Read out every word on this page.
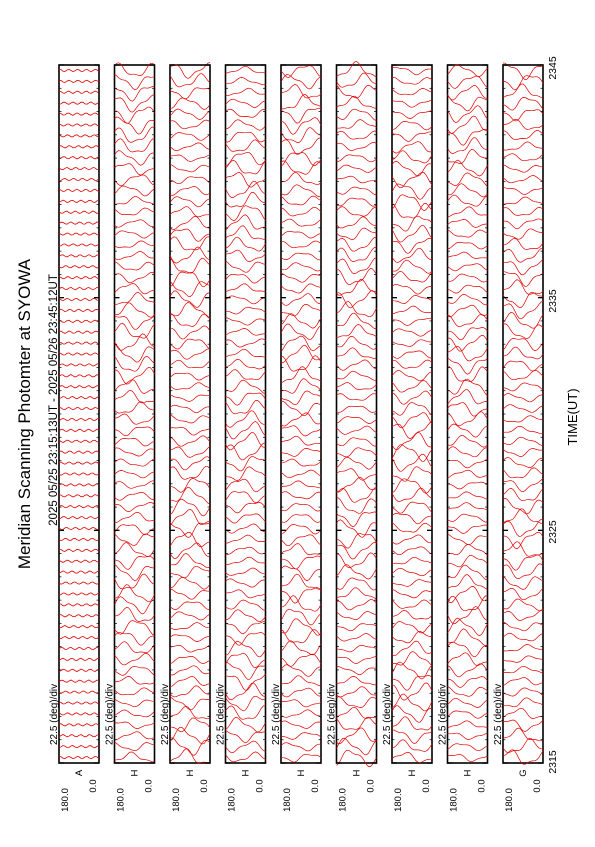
Meridian Scanning Photomter at SYOWA 2025 05/25 23:15:13UT - 2025 05/26 23:45:12UT	TIME(UT)
2315
2325
2335
2345
22.5 (deg)/div
180.0
0.0
A
22.5 (deg)/div
180.0
0.0
H
22.5 (deg)/div
180.0
0.0
H
22.5 (deg)/div
180.0
0.0
H
22.5 (deg)/div
180.0
0.0
H
22.5 (deg)/div
180.0
0.0
H
22.5 (deg)/div
180.0
0.0
H
22.5 (deg)/div
180.0
0.0
H
22.5 (deg)/div
180.0
0.0
G
